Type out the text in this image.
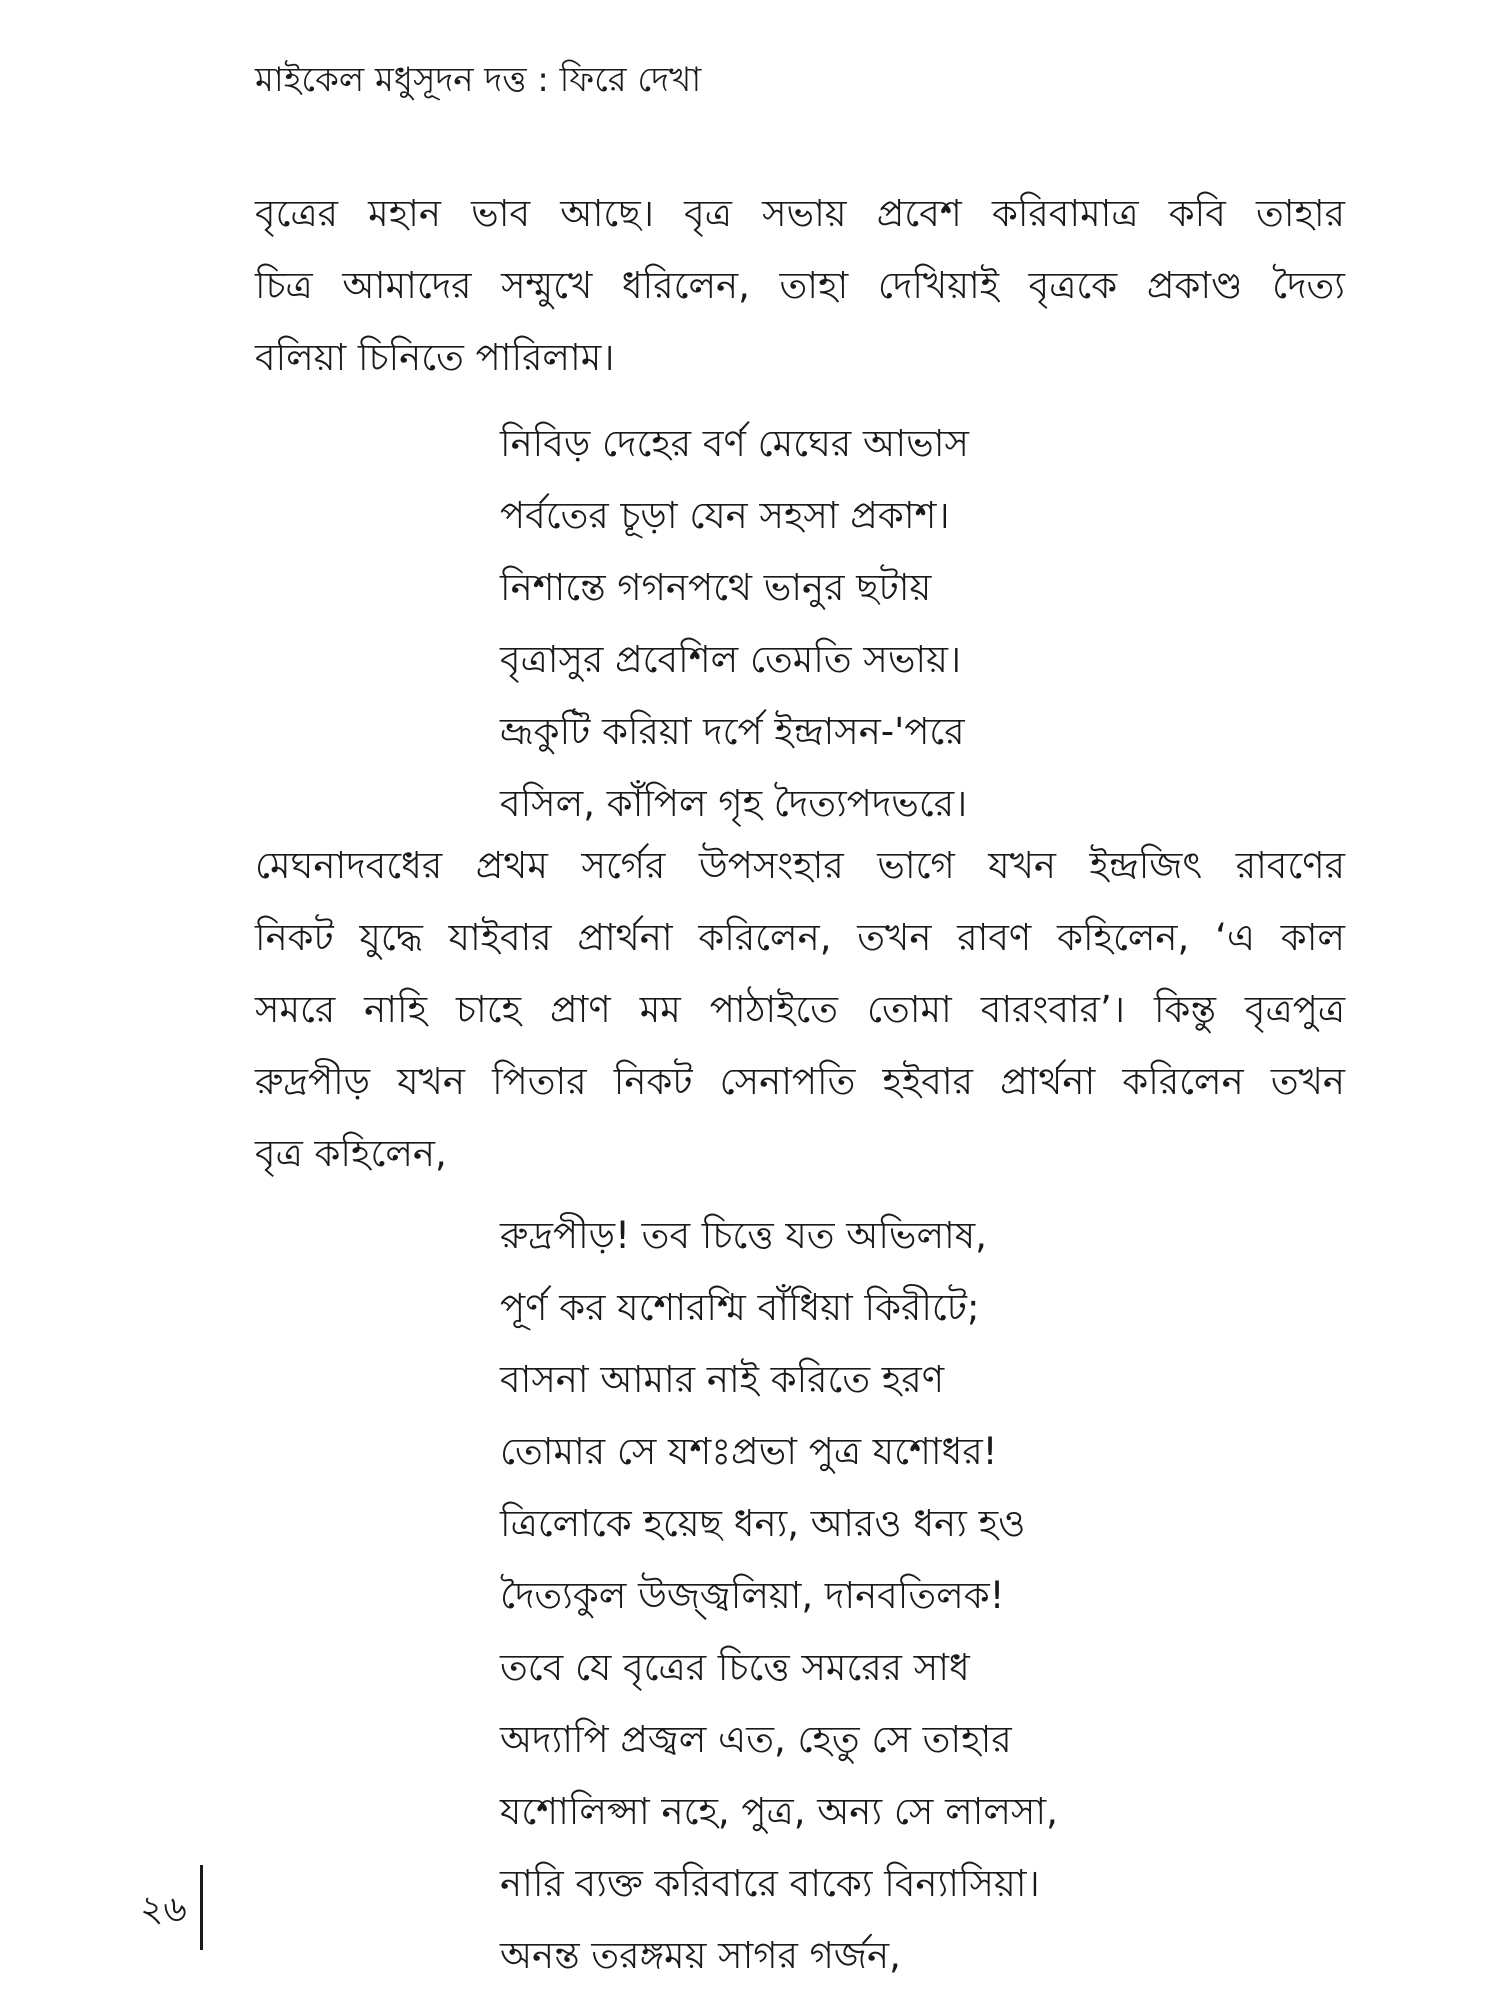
মাইকেল মধুসূদন দত্ত : ফিরে দেখা
বৃত্রের মহান ভাব আছে। বৃত্র সভায় প্রবেশ করিবামাত্র কবি তাহার
চিত্র আমাদের সম্মুখে ধরিলেন, তাহা দেখিয়াই বৃত্রকে প্রকাণ্ড দৈত্য
বলিয়া চিনিতে পারিলাম।
নিবিড় দেহের বর্ণ মেঘের আভাস
পর্বতের চূড়া যেন সহসা প্রকাশ।
নিশান্তে গগনপথে ভানুর ছটায়
বৃত্রাসুর প্রবেশিল তেমতি সভায়।
ভ্রূকুটি করিয়া দর্পে ইন্দ্রাসন-'পরে
বসিল, কাঁপিল গৃহ দৈত্যপদভরে।
মেঘনাদবধের প্রথম সর্গের উপসংহার ভাগে যখন ইন্দ্রজিৎ রাবণের
নিকট যুদ্ধে যাইবার প্রার্থনা করিলেন, তখন রাবণ কহিলেন, ‘এ কাল
সমরে নাহি চাহে প্রাণ মম পাঠাইতে তোমা বারংবার’। কিন্তু বৃত্রপুত্র
রুদ্রপীড় যখন পিতার নিকট সেনাপতি হইবার প্রার্থনা করিলেন তখন
বৃত্র কহিলেন,
রুদ্রপীড়! তব চিত্তে যত অভিলাষ,
পূর্ণ কর যশোরশ্মি বাঁধিয়া কিরীটে;
বাসনা আমার নাই করিতে হরণ
তোমার সে যশঃপ্রভা পুত্র যশোধর!
ত্রিলোকে হয়েছ ধন্য, আরও ধন্য হও
দৈত্যকুল উজ্জ্বলিয়া, দানবতিলক!
তবে যে বৃত্রের চিত্তে সমরের সাধ
অদ্যাপি প্রজ্বল এত, হেতু সে তাহার
যশোলিপ্সা নহে, পুত্র, অন্য সে লালসা,
নারি ব্যক্ত করিবারে বাক্যে বিন্যাসিয়া।
অনন্ত তরঙ্গময় সাগর গর্জন,
২৬
